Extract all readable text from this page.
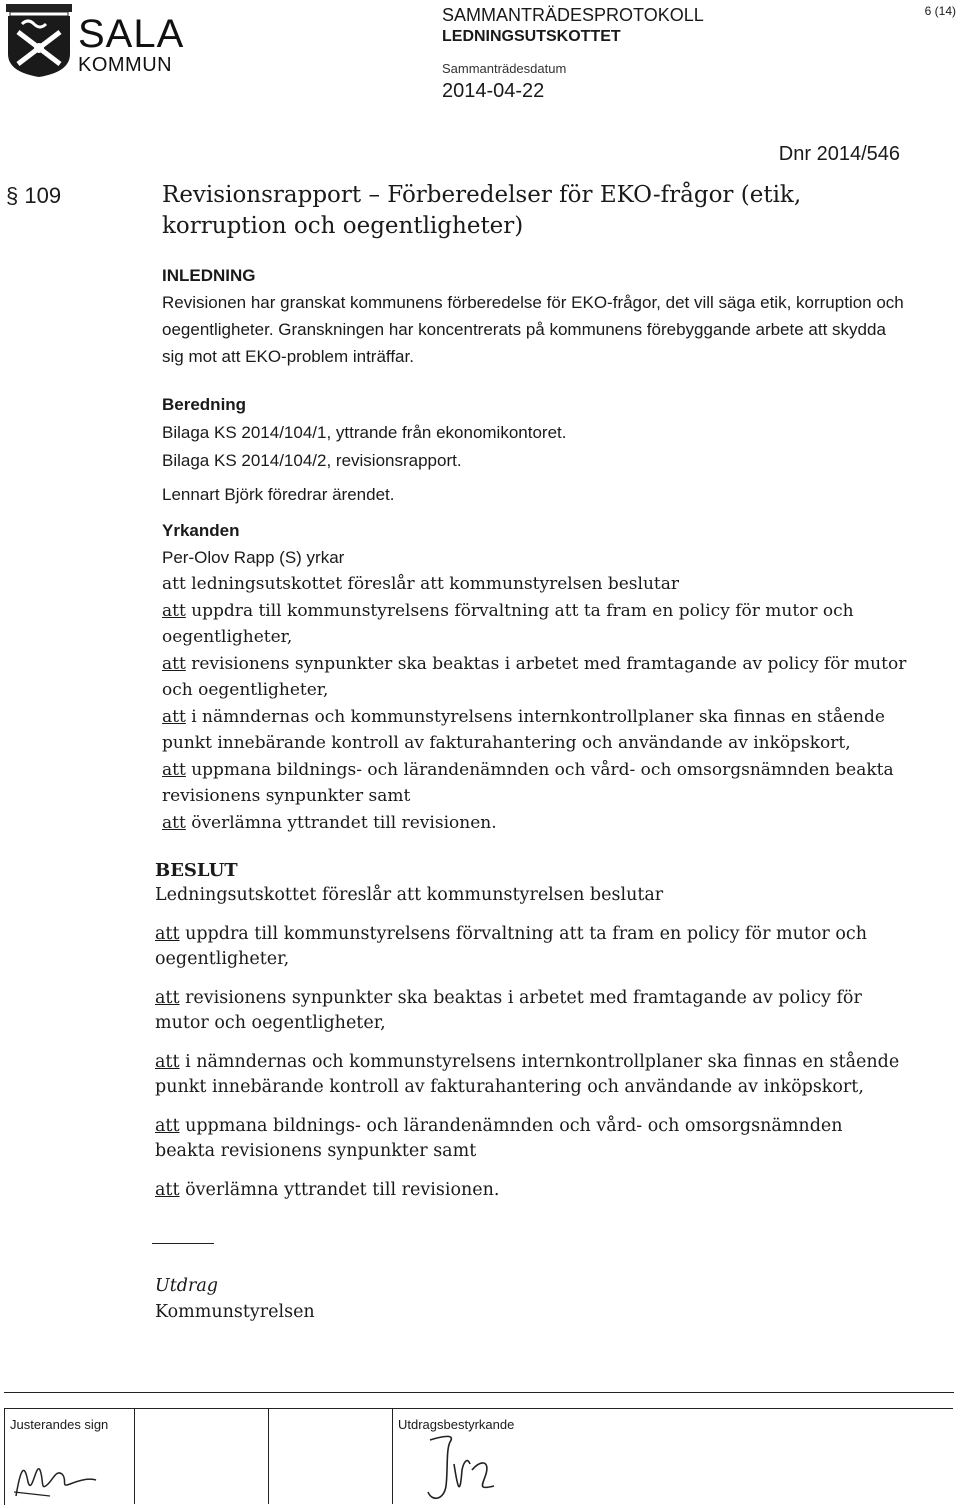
SALA
KOMMUN
SAMMANTRÄDESPROTOKOLL
LEDNINGSUTSKOTTET
Sammanträdesdatum
2014-04-22
6 (14)
Dnr 2014/546
§ 109	Revisionsrapport – Förberedelser för EKO-frågor (etik, korruption och oegentligheter)
INLEDNING
Revisionen har granskat kommunens förberedelse för EKO-frågor, det vill säga etik, korruption och oegentligheter. Granskningen har koncentrerats på kommunens förebyggande arbete att skydda sig mot att EKO-problem inträffar.
Beredning
Bilaga KS 2014/104/1, yttrande från ekonomikontoret.
Bilaga KS 2014/104/2, revisionsrapport.
Lennart Björk föredrar ärendet.
Yrkanden
Per-Olov Rapp (S) yrkar
att ledningsutskottet föreslår att kommunstyrelsen beslutar
att uppdra till kommunstyrelsens förvaltning att ta fram en policy för mutor och oegentligheter,
att revisionens synpunkter ska beaktas i arbetet med framtagande av policy för mutor och oegentligheter,
att i nämndernas och kommunstyrelsens internkontrollplaner ska finnas en stående punkt innebärande kontroll av fakturahantering och användande av inköpskort,
att uppmana bildnings- och lärandenämnden och vård- och omsorgsnämnden beakta revisionens synpunkter samt
att överlämna yttrandet till revisionen.
BESLUT
Ledningsutskottet föreslår att kommunstyrelsen beslutar
att uppdra till kommunstyrelsens förvaltning att ta fram en policy för mutor och oegentligheter,
att revisionens synpunkter ska beaktas i arbetet med framtagande av policy för mutor och oegentligheter,
att i nämndernas och kommunstyrelsens internkontrollplaner ska finnas en stående punkt innebärande kontroll av fakturahantering och användande av inköpskort,
att uppmana bildnings- och lärandenämnden och vård- och omsorgsnämnden beakta revisionens synpunkter samt
att överlämna yttrandet till revisionen.
Utdrag
Kommunstyrelsen
Justerandes sign	Utdragsbestyrkande
